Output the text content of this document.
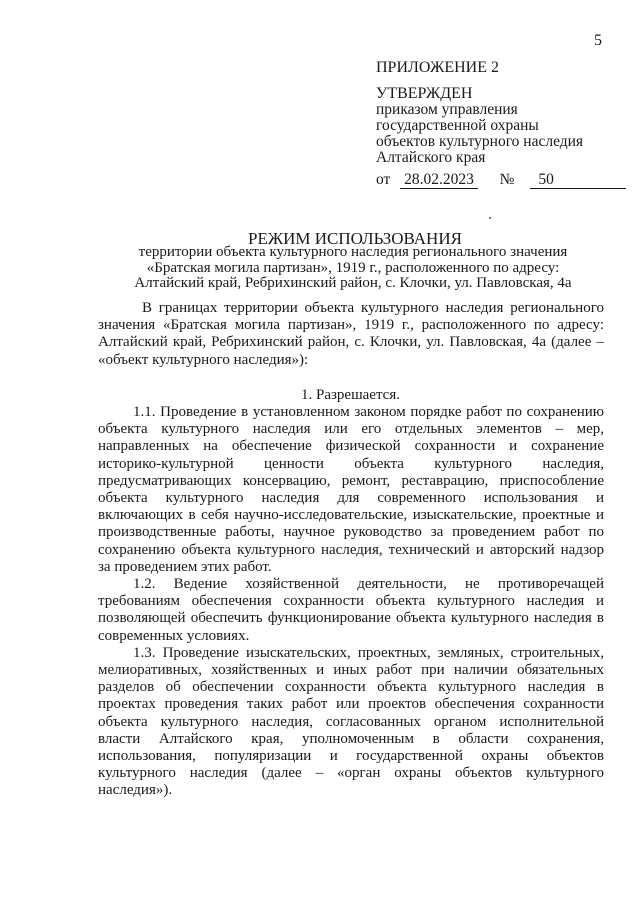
5
ПРИЛОЖЕНИЕ 2
УТВЕРЖДЕН
приказом управления
государственной охраны
объектов культурного наследия
Алтайского края
от 28.02.2023 №	50
РЕЖИМ ИСПОЛЬЗОВАНИЯ
территории объекта культурного наследия регионального значения «Братская могила партизан», 1919 г., расположенного по адресу: Алтайский край, Ребрихинский район, с. Клочки, ул. Павловская, 4а

В границах территории объекта культурного наследия регионального значения «Братская могила партизан», 1919 г., расположенного по адресу: Алтайский край, Ребрихинский район, с. Клочки, ул. Павловская, 4а (далее – «объект культурного наследия»):

1. Разрешается.

1.1. Проведение в установленном законом порядке работ по сохранению объекта культурного наследия или его отдельных элементов – мер, направленных на обеспечение физической сохранности и сохранение историко-культурной ценности объекта культурного наследия, предусматривающих консервацию, ремонт, реставрацию, приспособление объекта культурного наследия для современного использования и включающих в себя научно-исследовательские, изыскательские, проектные и производственные работы, научное руководство за проведением работ по сохранению объекта культурного наследия, технический и авторский надзор за проведением этих работ.

1.2. Ведение хозяйственной деятельности, не противоречащей требованиям обеспечения сохранности объекта культурного наследия и позволяющей обеспечить функционирование объекта культурного наследия в современных условиях.

1.3. Проведение изыскательских, проектных, земляных, строительных, мелиоративных, хозяйственных и иных работ при наличии обязательных разделов об обеспечении сохранности объекта культурного наследия в проектах проведения таких работ или проектов обеспечения сохранности объекта культурного наследия, согласованных органом исполнительной власти Алтайского края, уполномоченным в области сохранения, использования, популяризации и государственной охраны объектов культурного наследия (далее – «орган охраны объектов культурного наследия»).
